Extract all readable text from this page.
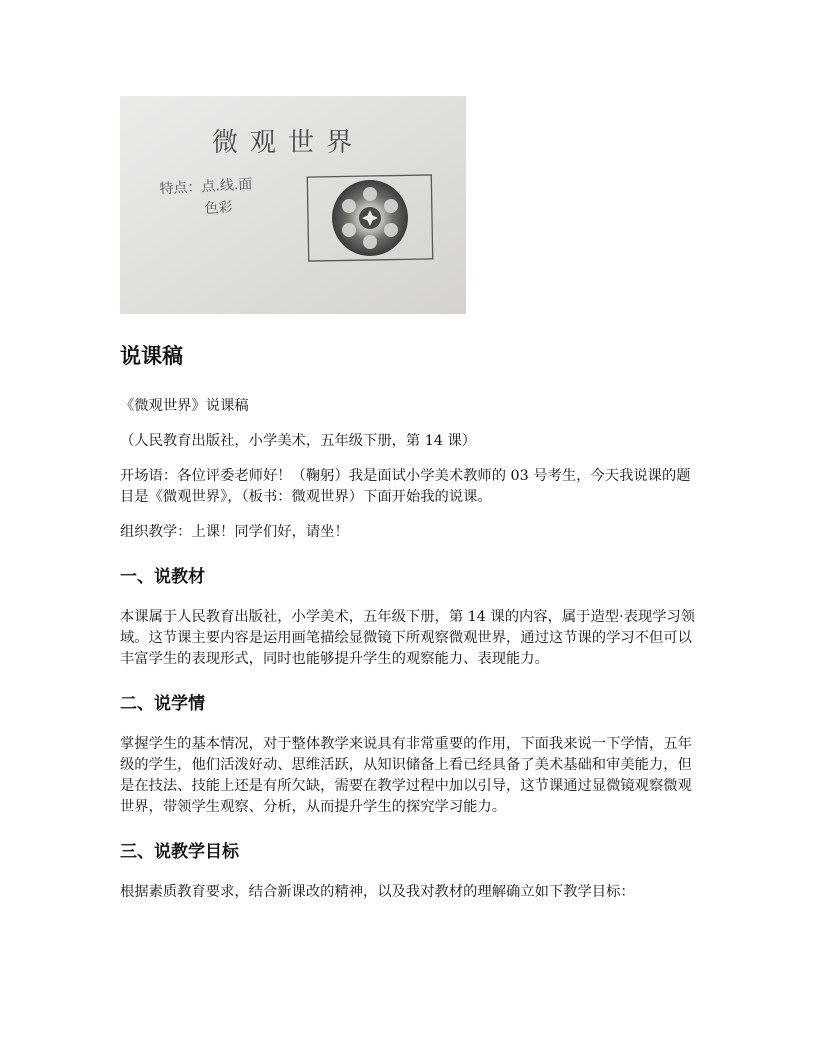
微观世界
特点：点.线.面
色彩
说课稿

《微观世界》说课稿

（人民教育出版社，小学美术，五年级下册，第 14 课）

开场语：各位评委老师好！（鞠躬）我是面试小学美术教师的 03 号考生，今天我说课的题目是《微观世界》，（板书：微观世界）下面开始我的说课。

组织教学：上课！同学们好，请坐！

一、说教材

本课属于人民教育出版社，小学美术，五年级下册，第 14 课的内容，属于造型·表现学习领域。这节课主要内容是运用画笔描绘显微镜下所观察微观世界，通过这节课的学习不但可以丰富学生的表现形式，同时也能够提升学生的观察能力、表现能力。

二、说学情

掌握学生的基本情况，对于整体教学来说具有非常重要的作用，下面我来说一下学情，五年级的学生，他们活泼好动、思维活跃，从知识储备上看已经具备了美术基础和审美能力，但是在技法、技能上还是有所欠缺，需要在教学过程中加以引导，这节课通过显微镜观察微观世界，带领学生观察、分析，从而提升学生的探究学习能力。

三、说教学目标

根据素质教育要求，结合新课改的精神，以及我对教材的理解确立如下教学目标：
